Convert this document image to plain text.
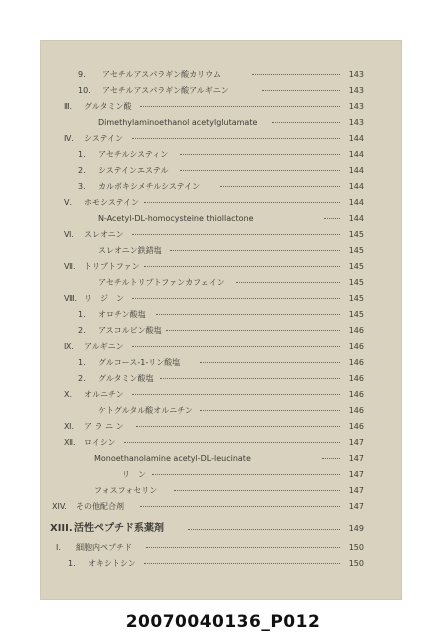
9. アセチルアスパラギン酸カリウム	143
10. アセチルアスパラギン酸アルギニン	143
Ⅲ. グルタミン酸	143
Dimethylaminoethanol acetylglutamate	143
Ⅳ. システイン	144
1. アセチルシスティン	144
2. システインエステル	144
3. カルボキシメチルシステイン	144
Ⅴ. ホモシステイン	144
N-Acetyl-DL-homocysteine thiollactone	144
Ⅵ. スレオニン	145
スレオニン鉄錯塩	145
Ⅶ. トリプトファン	145
アセチルトリプトファンカフェイン	145
Ⅷ. リ　ジ　ン	145
1. オロチン酸塩	145
2. アスコルビン酸塩	146
Ⅸ. アルギニン	146
1. グルコース-1-リン酸塩	146
2. グルタミン酸塩	146
Ⅹ. オルニチン	146
ケトグルタル酸オルニチン	146
Ⅺ. ア ラ ニ ン	146
Ⅻ. ロイシン	147
Monoethanolamine acetyl-DL-leucinate	147
リ　ン	147
フォスフォセリン	147
XIV. その他配合剤	147
XIII. 活性ペプチド系薬剤	149
Ⅰ. 細胞内ペプチド	150
1. オキシトシン	150
20070040136_P012
